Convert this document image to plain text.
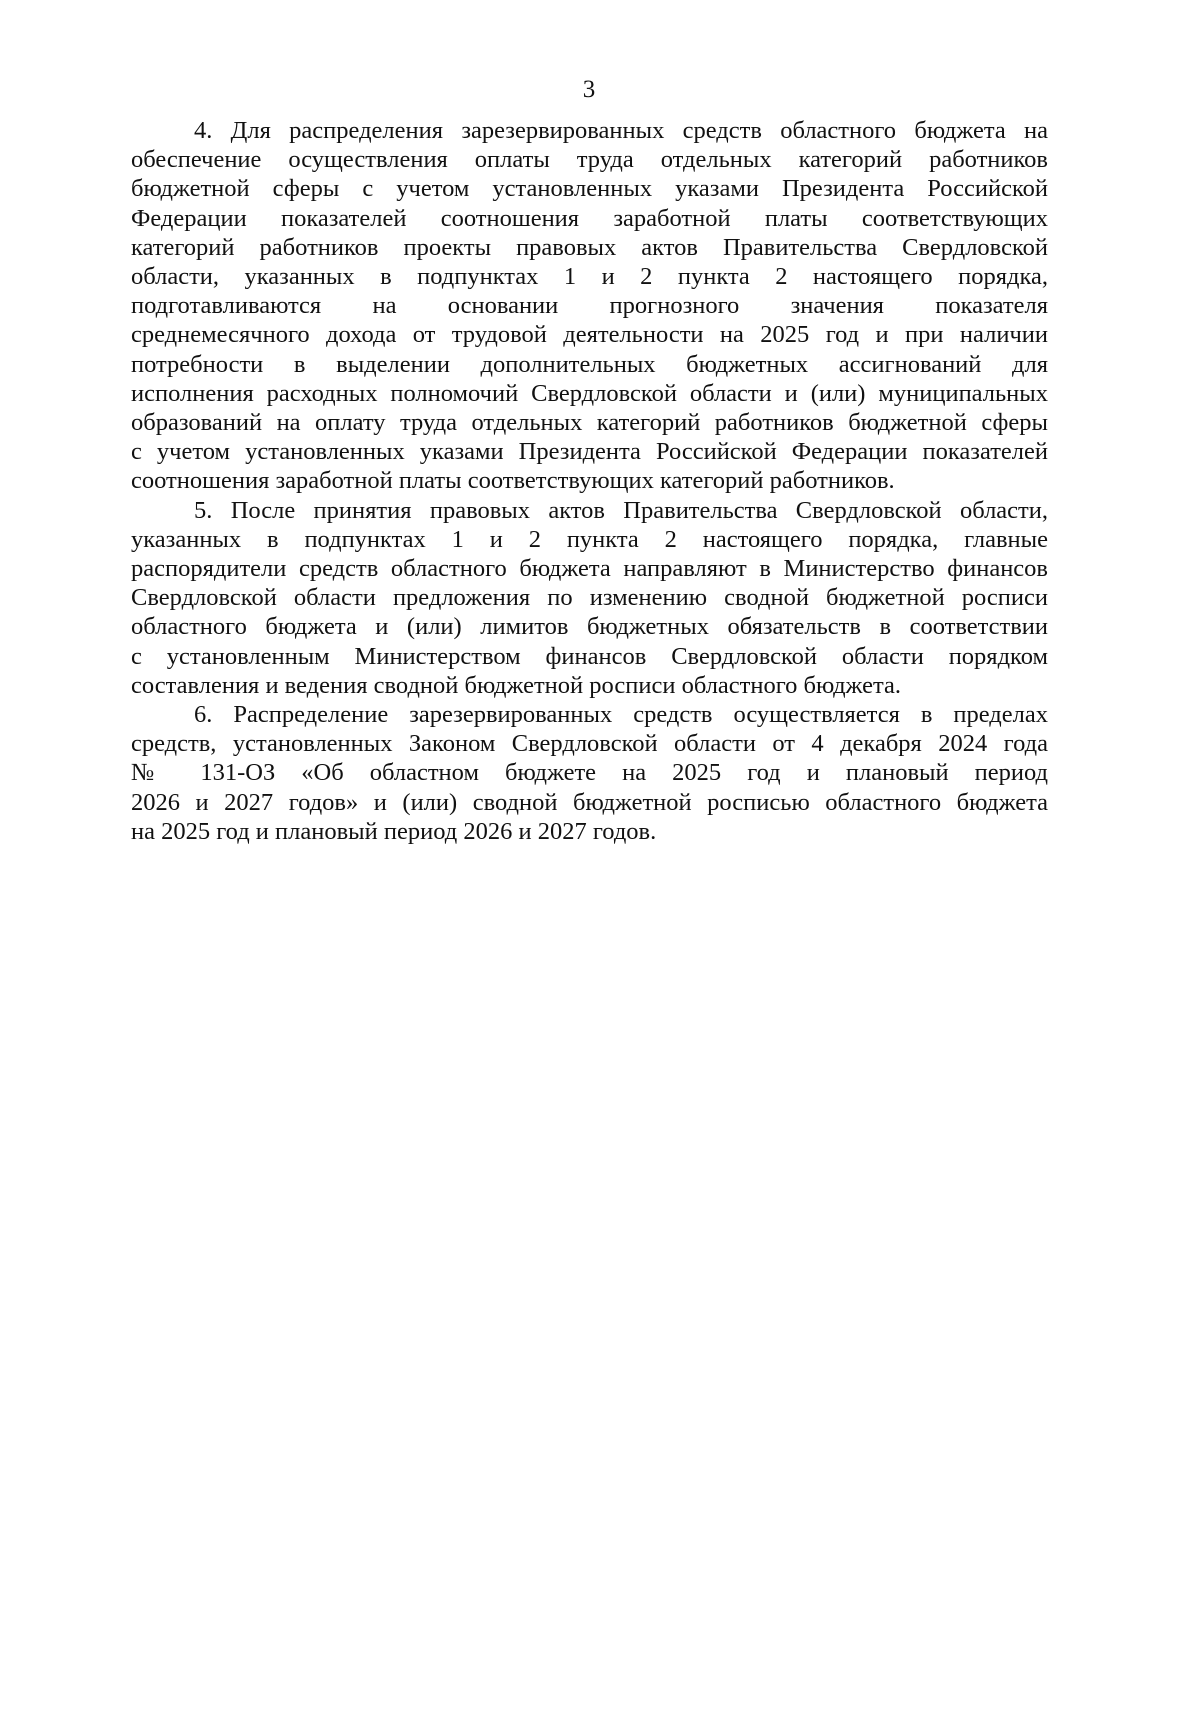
3
4. Для распределения зарезервированных средств областного бюджета на
обеспечение осуществления оплаты труда отдельных категорий работников
бюджетной сферы с учетом установленных указами Президента Российской
Федерации показателей соотношения заработной платы соответствующих
категорий работников проекты правовых актов Правительства Свердловской
области, указанных в подпунктах 1 и 2 пункта 2 настоящего порядка,
подготавливаются на основании прогнозного значения показателя
среднемесячного дохода от трудовой деятельности на 2025 год и при наличии
потребности в выделении дополнительных бюджетных ассигнований для
исполнения расходных полномочий Свердловской области и (или) муниципальных
образований на оплату труда отдельных категорий работников бюджетной сферы
с учетом установленных указами Президента Российской Федерации показателей
соотношения заработной платы соответствующих категорий работников.
5. После принятия правовых актов Правительства Свердловской области,
указанных в подпунктах 1 и 2 пункта 2 настоящего порядка, главные
распорядители средств областного бюджета направляют в Министерство финансов
Свердловской области предложения по изменению сводной бюджетной росписи
областного бюджета и (или) лимитов бюджетных обязательств в соответствии
с установленным Министерством финансов Свердловской области порядком
составления и ведения сводной бюджетной росписи областного бюджета.
6. Распределение зарезервированных средств осуществляется в пределах
средств, установленных Законом Свердловской области от 4 декабря 2024 года
№ 131-ОЗ «Об областном бюджете на 2025 год и плановый период
2026 и 2027 годов» и (или) сводной бюджетной росписью областного бюджета
на 2025 год и плановый период 2026 и 2027 годов.
